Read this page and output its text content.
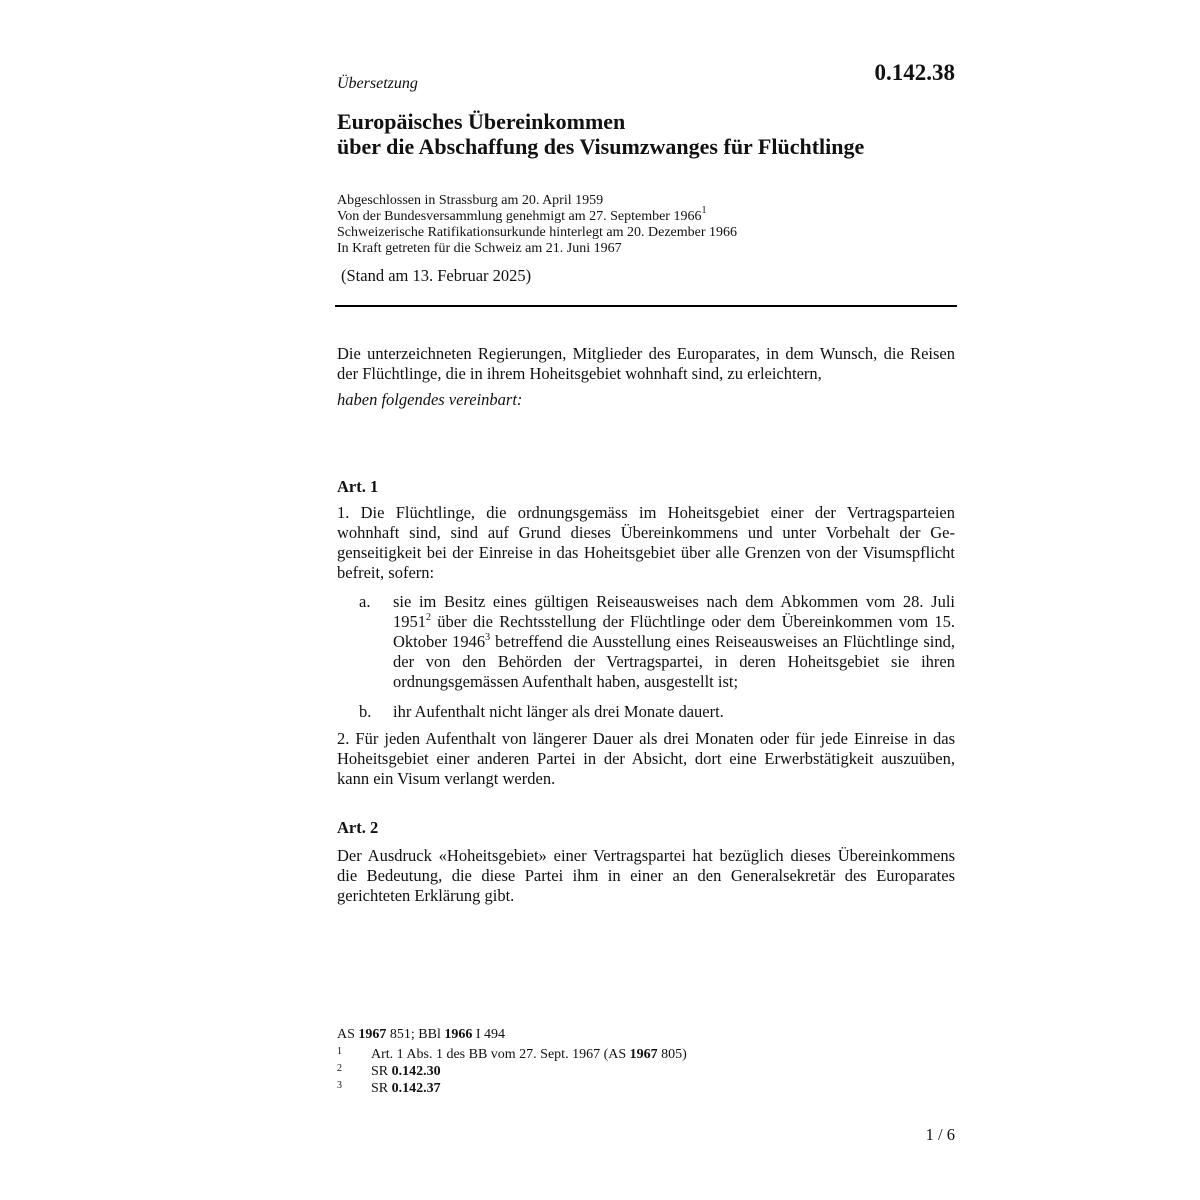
0.142.38
Übersetzung
Europäisches Übereinkommen
über die Abschaffung des Visumzwanges für Flüchtlinge
Abgeschlossen in Strassburg am 20. April 1959
Von der Bundesversammlung genehmigt am 27. September 1966$^1$
Schweizerische Ratifikationsurkunde hinterlegt am 20. Dezember 1966
In Kraft getreten für die Schweiz am 21. Juni 1967
(Stand am 13. Februar 2025)
Die unterzeichneten Regierungen, Mitglieder des Europarates, in dem Wunsch, die Reisen der Flüchtlinge, die in ihrem Hoheitsgebiet wohnhaft sind, zu erleichtern,
haben folgendes vereinbart:
Art. 1
1. Die Flüchtlinge, die ordnungsgemäss im Hoheitsgebiet einer der Vertragsparteien wohnhaft sind, sind auf Grund dieses Übereinkommens und unter Vorbehalt der Gegenseitigkeit bei der Einreise in das Hoheitsgebiet über alle Grenzen von der Visumspflicht befreit, sofern:
a.	sie im Besitz eines gültigen Reiseausweises nach dem Abkommen vom 28. Juli 1951$^2$ über die Rechtsstellung der Flüchtlinge oder dem Übereinkommen vom 15. Oktober 1946$^3$ betreffend die Ausstellung eines Reiseausweises an Flüchtlinge sind, der von den Behörden der Vertragspartei, in deren Hoheitsgebiet sie ihren ordnungsgemässen Aufenthalt haben, ausgestellt ist;
b.	ihr Aufenthalt nicht länger als drei Monate dauert.
2. Für jeden Aufenthalt von längerer Dauer als drei Monaten oder für jede Einreise in das Hoheitsgebiet einer anderen Partei in der Absicht, dort eine Erwerbstätigkeit auszuüben, kann ein Visum verlangt werden.
Art. 2
Der Ausdruck «Hoheitsgebiet» einer Vertragspartei hat bezüglich dieses Übereinkommens die Bedeutung, die diese Partei ihm in einer an den Generalsekretär des Europarates gerichteten Erklärung gibt.
AS 1967 851; BBl 1966 I 494
1 Art. 1 Abs. 1 des BB vom 27. Sept. 1967 (AS 1967 805)
2 SR 0.142.30
3 SR 0.142.37
1 / 6
